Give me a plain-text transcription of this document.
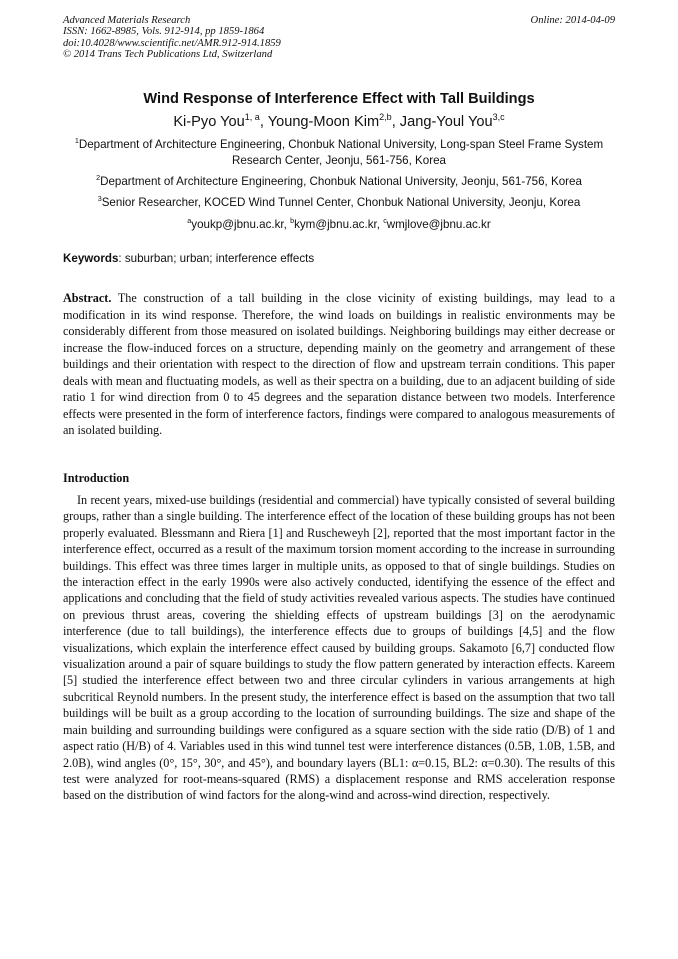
Advanced Materials Research
ISSN: 1662-8985, Vols. 912-914, pp 1859-1864
doi:10.4028/www.scientific.net/AMR.912-914.1859
© 2014 Trans Tech Publications Ltd, Switzerland
Online: 2014-04-09
Wind Response of Interference Effect with Tall Buildings
Ki-Pyo You$^{1, a}$, Young-Moon Kim$^{2,b}$, Jang-Youl You$^{3,c}$
$^1$Department of Architecture Engineering, Chonbuk National University, Long-span Steel Frame System Research Center, Jeonju, 561-756, Korea
$^2$Department of Architecture Engineering, Chonbuk National University, Jeonju, 561-756, Korea
$^3$Senior Researcher, KOCED Wind Tunnel Center, Chonbuk National University, Jeonju, Korea
$^a$youkp@jbnu.ac.kr, $^b$kym@jbnu.ac.kr, $^c$wmjlove@jbnu.ac.kr
Keywords: suburban; urban; interference effects
Abstract. The construction of a tall building in the close vicinity of existing buildings, may lead to a modification in its wind response. Therefore, the wind loads on buildings in realistic environments may be considerably different from those measured on isolated buildings. Neighboring buildings may either decrease or increase the flow-induced forces on a structure, depending mainly on the geometry and arrangement of these buildings and their orientation with respect to the direction of flow and upstream terrain conditions. This paper deals with mean and fluctuating models, as well as their spectra on a building, due to an adjacent building of side ratio 1 for wind direction from 0 to 45 degrees and the separation distance between two models. Interference effects were presented in the form of interference factors, findings were compared to analogous measurements of an isolated building.
Introduction
In recent years, mixed-use buildings (residential and commercial) have typically consisted of several building groups, rather than a single building. The interference effect of the location of these building groups has not been properly evaluated. Blessmann and Riera [1] and Ruscheweyh [2], reported that the most important factor in the interference effect, occurred as a result of the maximum torsion moment according to the increase in surrounding buildings. This effect was three times larger in multiple units, as opposed to that of single buildings. Studies on the interaction effect in the early 1990s were also actively conducted, identifying the essence of the effect and applications and concluding that the field of study activities revealed various aspects. The studies have continued on previous thrust areas, covering the shielding effects of upstream buildings [3] on the aerodynamic interference (due to tall buildings), the interference effects due to groups of buildings [4,5] and the flow visualizations, which explain the interference effect caused by building groups. Sakamoto [6,7] conducted flow visualization around a pair of square buildings to study the flow pattern generated by interaction effects. Kareem [5] studied the interference effect between two and three circular cylinders in various arrangements at high subcritical Reynold numbers. In the present study, the interference effect is based on the assumption that two tall buildings will be built as a group according to the location of surrounding buildings. The size and shape of the main building and surrounding buildings were configured as a square section with the side ratio (D/B) of 1 and aspect ratio (H/B) of 4. Variables used in this wind tunnel test were interference distances (0.5B, 1.0B, 1.5B, and 2.0B), wind angles (0°, 15°, 30°, and 45°), and boundary layers (BL1: α=0.15, BL2: α=0.30). The results of this test were analyzed for root-means-squared (RMS) a displacement response and RMS acceleration response based on the distribution of wind factors for the along-wind and across-wind direction, respectively.
